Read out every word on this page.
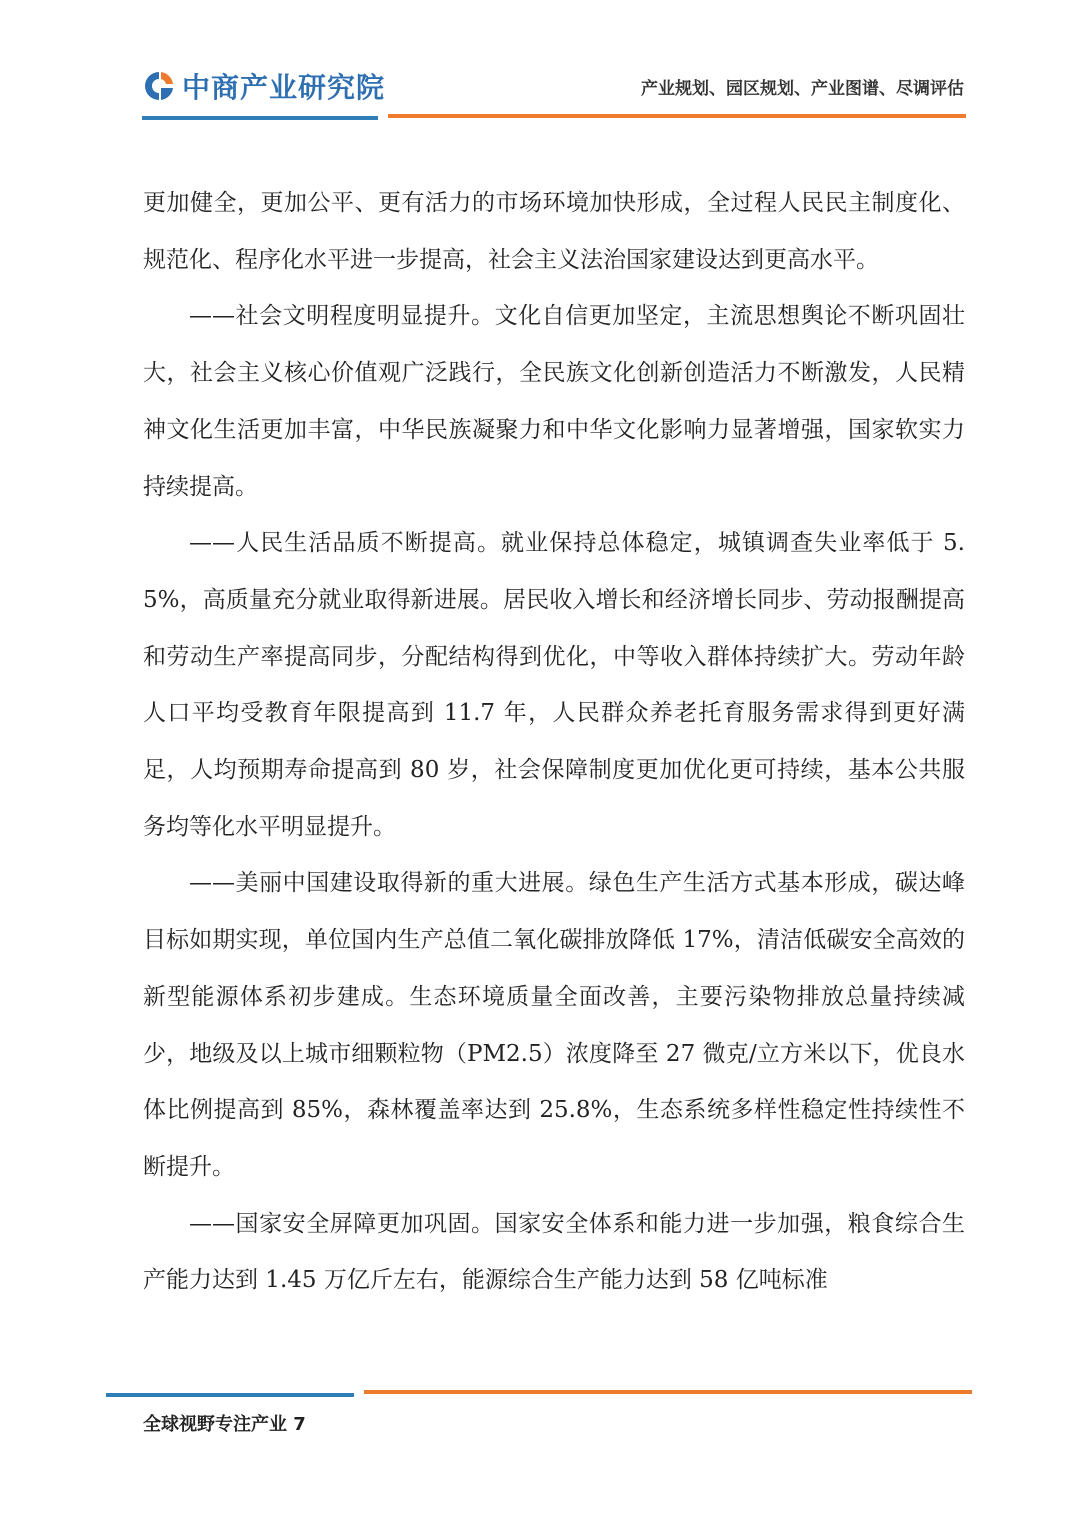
中商产业研究院	产业规划、园区规划、产业图谱、尽调评估

更加健全，更加公平、更有活力的市场环境加快形成，全过程人民民主制度化、规范化、程序化水平进一步提高，社会主义法治国家建设达到更高水平。

——社会文明程度明显提升。文化自信更加坚定，主流思想舆论不断巩固壮大，社会主义核心价值观广泛践行，全民族文化创新创造活力不断激发，人民精神文化生活更加丰富，中华民族凝聚力和中华文化影响力显著增强，国家软实力持续提高。

——人民生活品质不断提高。就业保持总体稳定，城镇调查失业率低于 5.5%，高质量充分就业取得新进展。居民收入增长和经济增长同步、劳动报酬提高和劳动生产率提高同步，分配结构得到优化，中等收入群体持续扩大。劳动年龄人口平均受教育年限提高到 11.7 年，人民群众养老托育服务需求得到更好满足，人均预期寿命提高到 80 岁，社会保障制度更加优化更可持续，基本公共服务均等化水平明显提升。

——美丽中国建设取得新的重大进展。绿色生产生活方式基本形成，碳达峰目标如期实现，单位国内生产总值二氧化碳排放降低 17%，清洁低碳安全高效的新型能源体系初步建成。生态环境质量全面改善，主要污染物排放总量持续减少，地级及以上城市细颗粒物（PM2.5）浓度降至 27 微克/立方米以下，优良水体比例提高到 85%，森林覆盖率达到 25.8%，生态系统多样性稳定性持续性不断提升。

——国家安全屏障更加巩固。国家安全体系和能力进一步加强，粮食综合生产能力达到 1.45 万亿斤左右，能源综合生产能力达到 58 亿吨标准

全球视野专注产业 7
